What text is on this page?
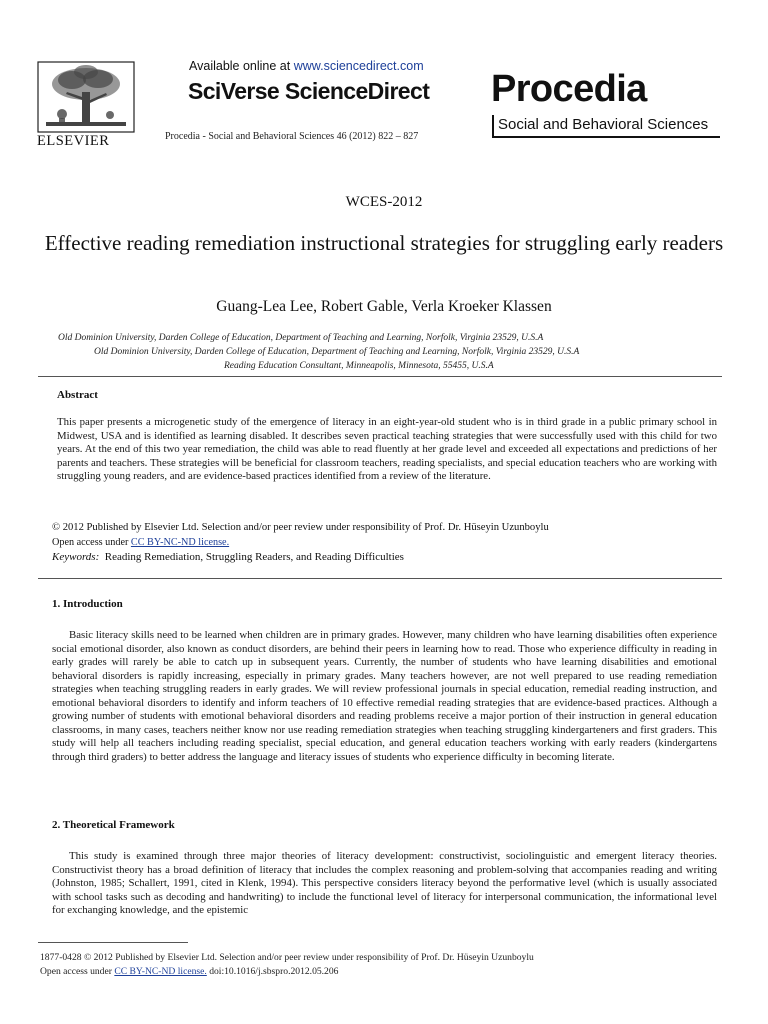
ELSEVIER
Available online at www.sciencedirect.com
SciVerse ScienceDirect
Procedia - Social and Behavioral Sciences 46 (2012) 822 – 827
Procedia
Social and Behavioral Sciences
WCES-2012
Effective reading remediation instructional strategies for struggling early readers
Guang-Lea Lee, Robert Gable, Verla Kroeker Klassen
Old Dominion University, Darden College of Education, Department of Teaching and Learning, Norfolk, Virginia 23529, U.S.A
Old Dominion University, Darden College of Education, Department of Teaching and Learning, Norfolk, Virginia 23529, U.S.A
Reading Education Consultant, Minneapolis, Minnesota, 55455, U.S.A
Abstract
This paper presents a microgenetic study of the emergence of literacy in an eight-year-old student who is in third grade in a public primary school in Midwest, USA and is identified as learning disabled. It describes seven practical teaching strategies that were successfully used with this child for two years. At the end of this two year remediation, the child was able to read fluently at her grade level and exceeded all expectations and predictions of her parents and teachers. These strategies will be beneficial for classroom teachers, reading specialists, and special education teachers who are working with struggling young readers, and are evidence-based practices identified from a review of the literature.
© 2012 Published by Elsevier Ltd. Selection and/or peer review under responsibility of Prof. Dr. Hüseyin Uzunboylu
Open access under CC BY-NC-ND license.
Keywords: Reading Remediation, Struggling Readers, and Reading Difficulties
1. Introduction
Basic literacy skills need to be learned when children are in primary grades. However, many children who have learning disabilities often experience social emotional disorder, also known as conduct disorders, are behind their peers in learning how to read. Those who experience difficulty in reading in early grades will rarely be able to catch up in subsequent years. Currently, the number of students who have learning disabilities and emotional behavioral disorders is rapidly increasing, especially in primary grades. Many teachers however, are not well prepared to use reading remediation strategies when teaching struggling readers in early grades. We will review professional journals in special education, remedial reading instruction, and emotional behavioral disorders to identify and inform teachers of 10 effective remedial reading strategies that are evidence-based practices. Although a growing number of students with emotional behavioral disorders and reading problems receive a major portion of their instruction in general education classrooms, in many cases, teachers neither know nor use reading remediation strategies when teaching struggling kindergarteners and first graders. This study will help all teachers including reading specialist, special education, and general education teachers working with early readers (kindergartens through third graders) to better address the language and literacy issues of students who experience difficulty in becoming literate.
2. Theoretical Framework
This study is examined through three major theories of literacy development: constructivist, sociolinguistic and emergent literacy theories. Constructivist theory has a broad definition of literacy that includes the complex reasoning and problem-solving that accompanies reading and writing (Johnston, 1985; Schallert, 1991, cited in Klenk, 1994). This perspective considers literacy beyond the performative level (which is usually associated with school tasks such as decoding and handwriting) to include the functional level of literacy for interpersonal communication, the informational level for exchanging knowledge, and the epistemic
1877-0428 © 2012 Published by Elsevier Ltd. Selection and/or peer review under responsibility of Prof. Dr. Hüseyin Uzunboylu
Open access under CC BY-NC-ND license. doi:10.1016/j.sbspro.2012.05.206
